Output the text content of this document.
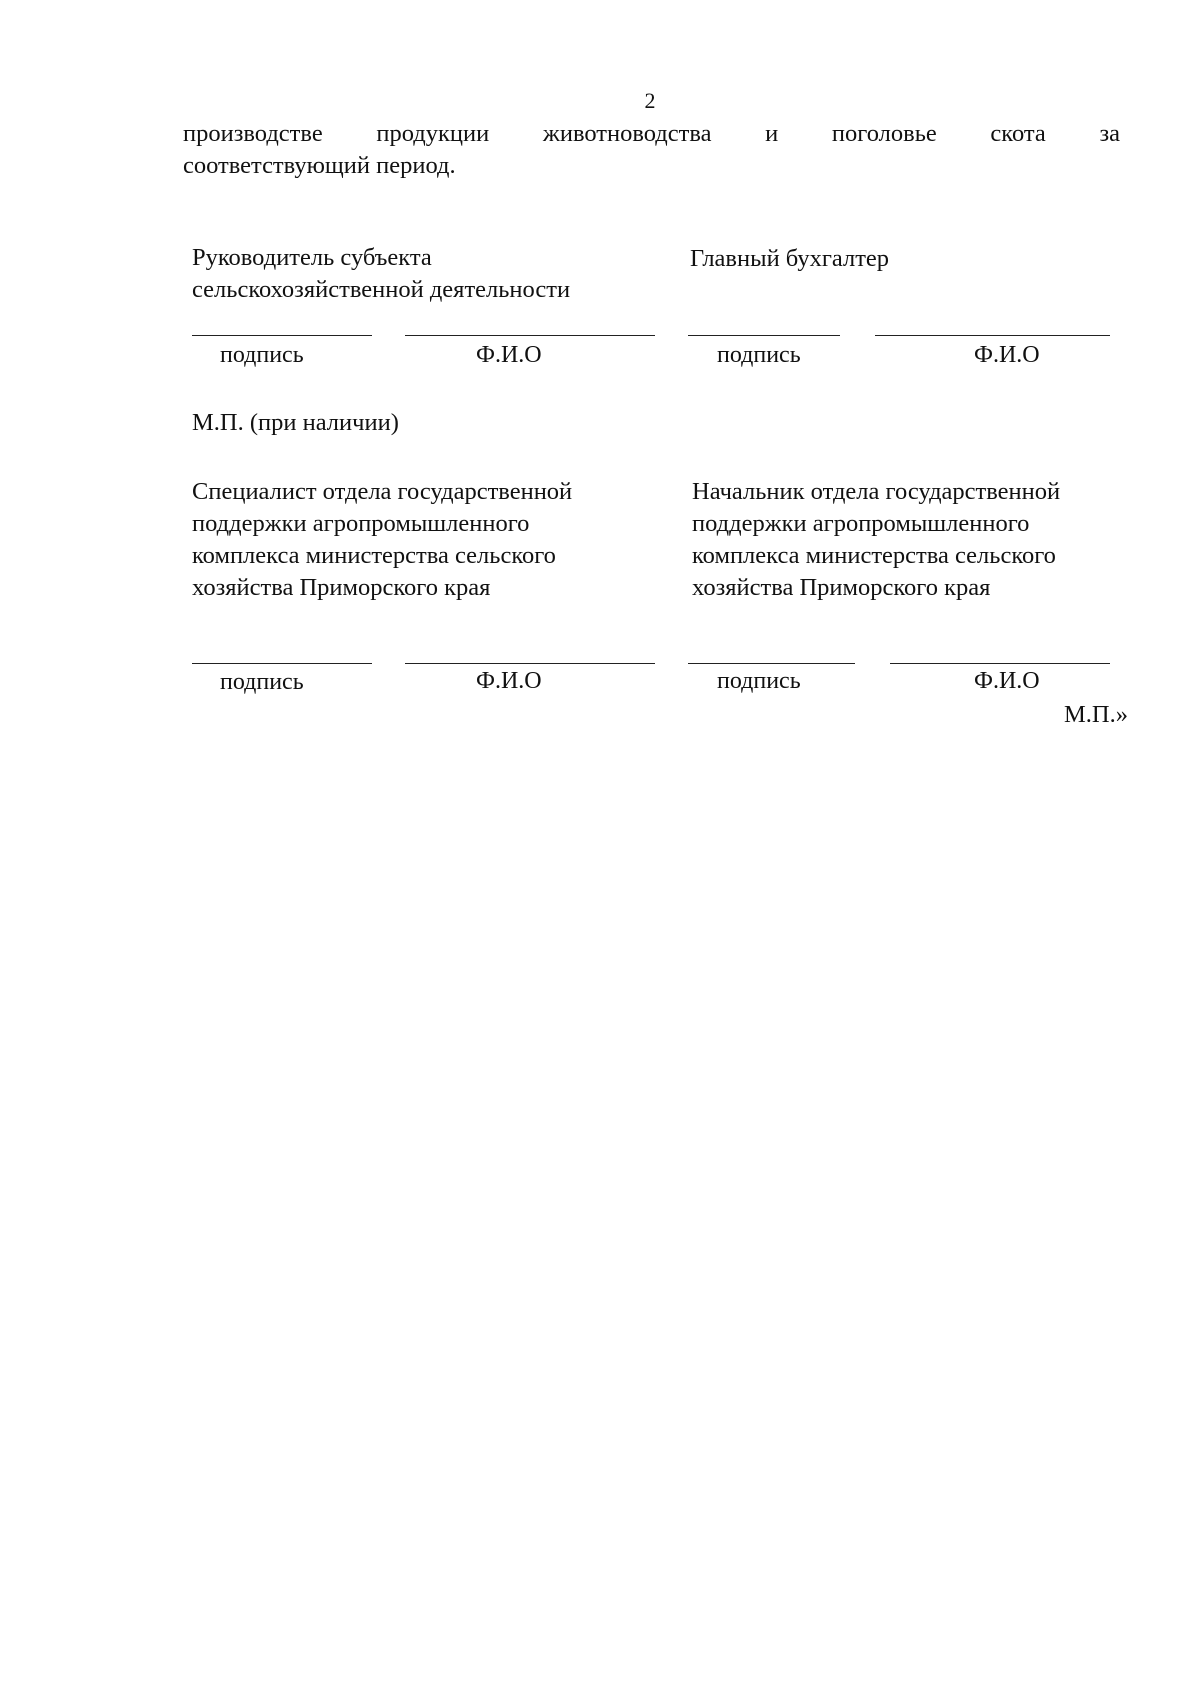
2
производстве продукции животноводства и поголовье скота за
соответствующий период.
Руководитель субъекта
сельскохозяйственной деятельности
Главный бухгалтер
подпись	Ф.И.О	подпись	Ф.И.О
М.П. (при наличии)
Специалист отдела государственной
поддержки агропромышленного
комплекса министерства сельского
хозяйства Приморского края
Начальник отдела государственной
поддержки агропромышленного
комплекса министерства сельского
хозяйства Приморского края
подпись	Ф.И.О	подпись	Ф.И.О
М.П.»
